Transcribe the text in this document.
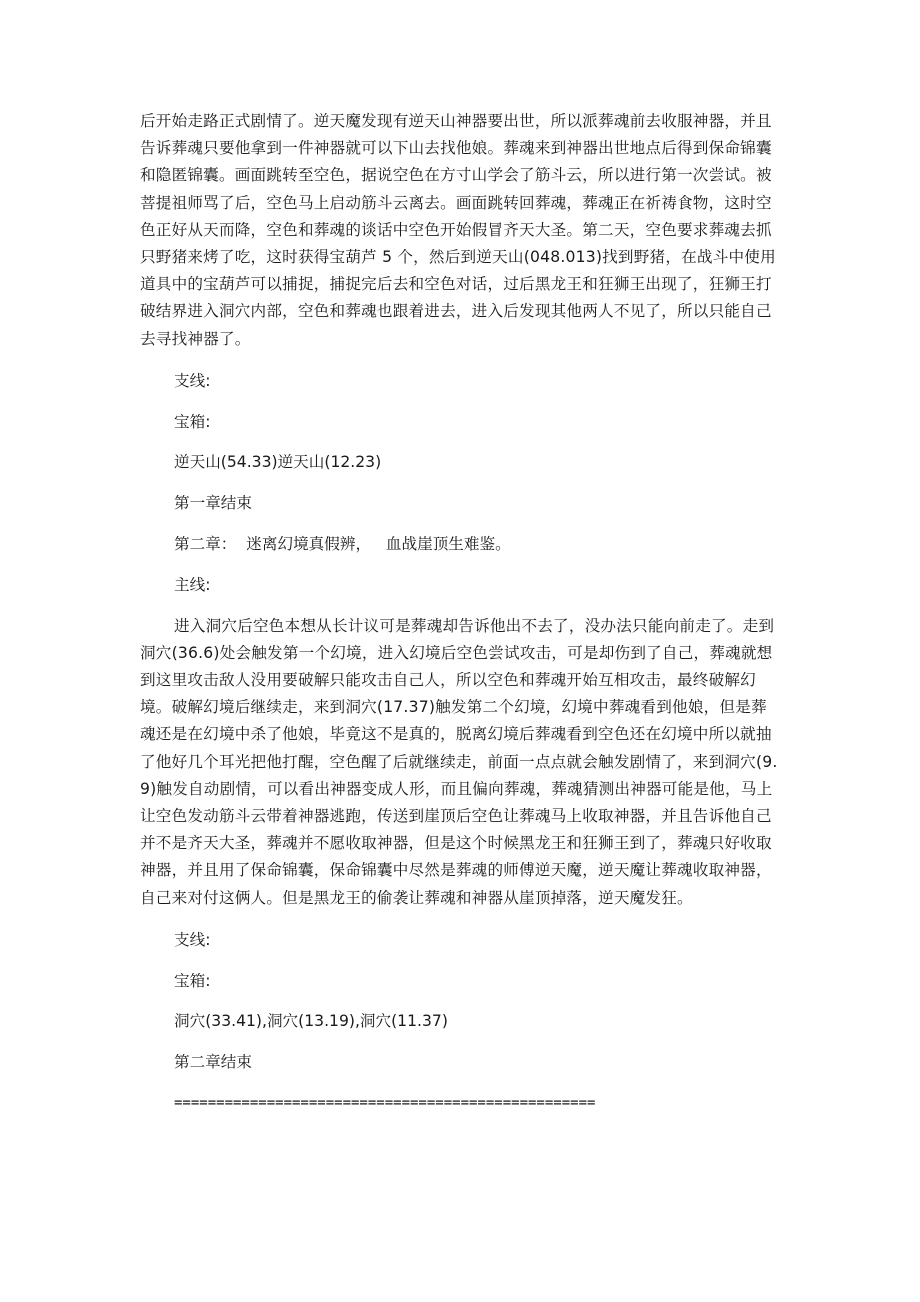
后开始走路正式剧情了。逆天魔发现有逆天山神器要出世，所以派葬魂前去收服神器，并且告诉葬魂只要他拿到一件神器就可以下山去找他娘。葬魂来到神器出世地点后得到保命锦囊和隐匿锦囊。画面跳转至空色，据说空色在方寸山学会了筋斗云，所以进行第一次尝试。被菩提祖师骂了后，空色马上启动筋斗云离去。画面跳转回葬魂，葬魂正在祈祷食物，这时空色正好从天而降，空色和葬魂的谈话中空色开始假冒齐天大圣。第二天，空色要求葬魂去抓只野猪来烤了吃，这时获得宝葫芦 5 个，然后到逆天山(048.013)找到野猪，在战斗中使用道具中的宝葫芦可以捕捉，捕捉完后去和空色对话，过后黑龙王和狂狮王出现了，狂狮王打破结界进入洞穴内部，空色和葬魂也跟着进去，进入后发现其他两人不见了，所以只能自己去寻找神器了。

支线:

宝箱:

逆天山(54.33)逆天山(12.23)

第一章结束

第二章：  迷离幻境真假辨，   血战崖顶生难鉴。

主线:

进入洞穴后空色本想从长计议可是葬魂却告诉他出不去了，没办法只能向前走了。走到洞穴(36.6)处会触发第一个幻境，进入幻境后空色尝试攻击，可是却伤到了自己，葬魂就想到这里攻击敌人没用要破解只能攻击自己人，所以空色和葬魂开始互相攻击，最终破解幻境。破解幻境后继续走，来到洞穴(17.37)触发第二个幻境，幻境中葬魂看到他娘，但是葬魂还是在幻境中杀了他娘，毕竟这不是真的，脱离幻境后葬魂看到空色还在幻境中所以就抽了他好几个耳光把他打醒，空色醒了后就继续走，前面一点点就会触发剧情了，来到洞穴(9.9)触发自动剧情，可以看出神器变成人形，而且偏向葬魂，葬魂猜测出神器可能是他，马上让空色发动筋斗云带着神器逃跑，传送到崖顶后空色让葬魂马上收取神器，并且告诉他自己并不是齐天大圣，葬魂并不愿收取神器，但是这个时候黑龙王和狂狮王到了，葬魂只好收取神器，并且用了保命锦囊，保命锦囊中尽然是葬魂的师傅逆天魔，逆天魔让葬魂收取神器，自己来对付这俩人。但是黑龙王的偷袭让葬魂和神器从崖顶掉落，逆天魔发狂。

支线:

宝箱:

洞穴(33.41),洞穴(13.19),洞穴(11.37)

第二章结束

==================================================
